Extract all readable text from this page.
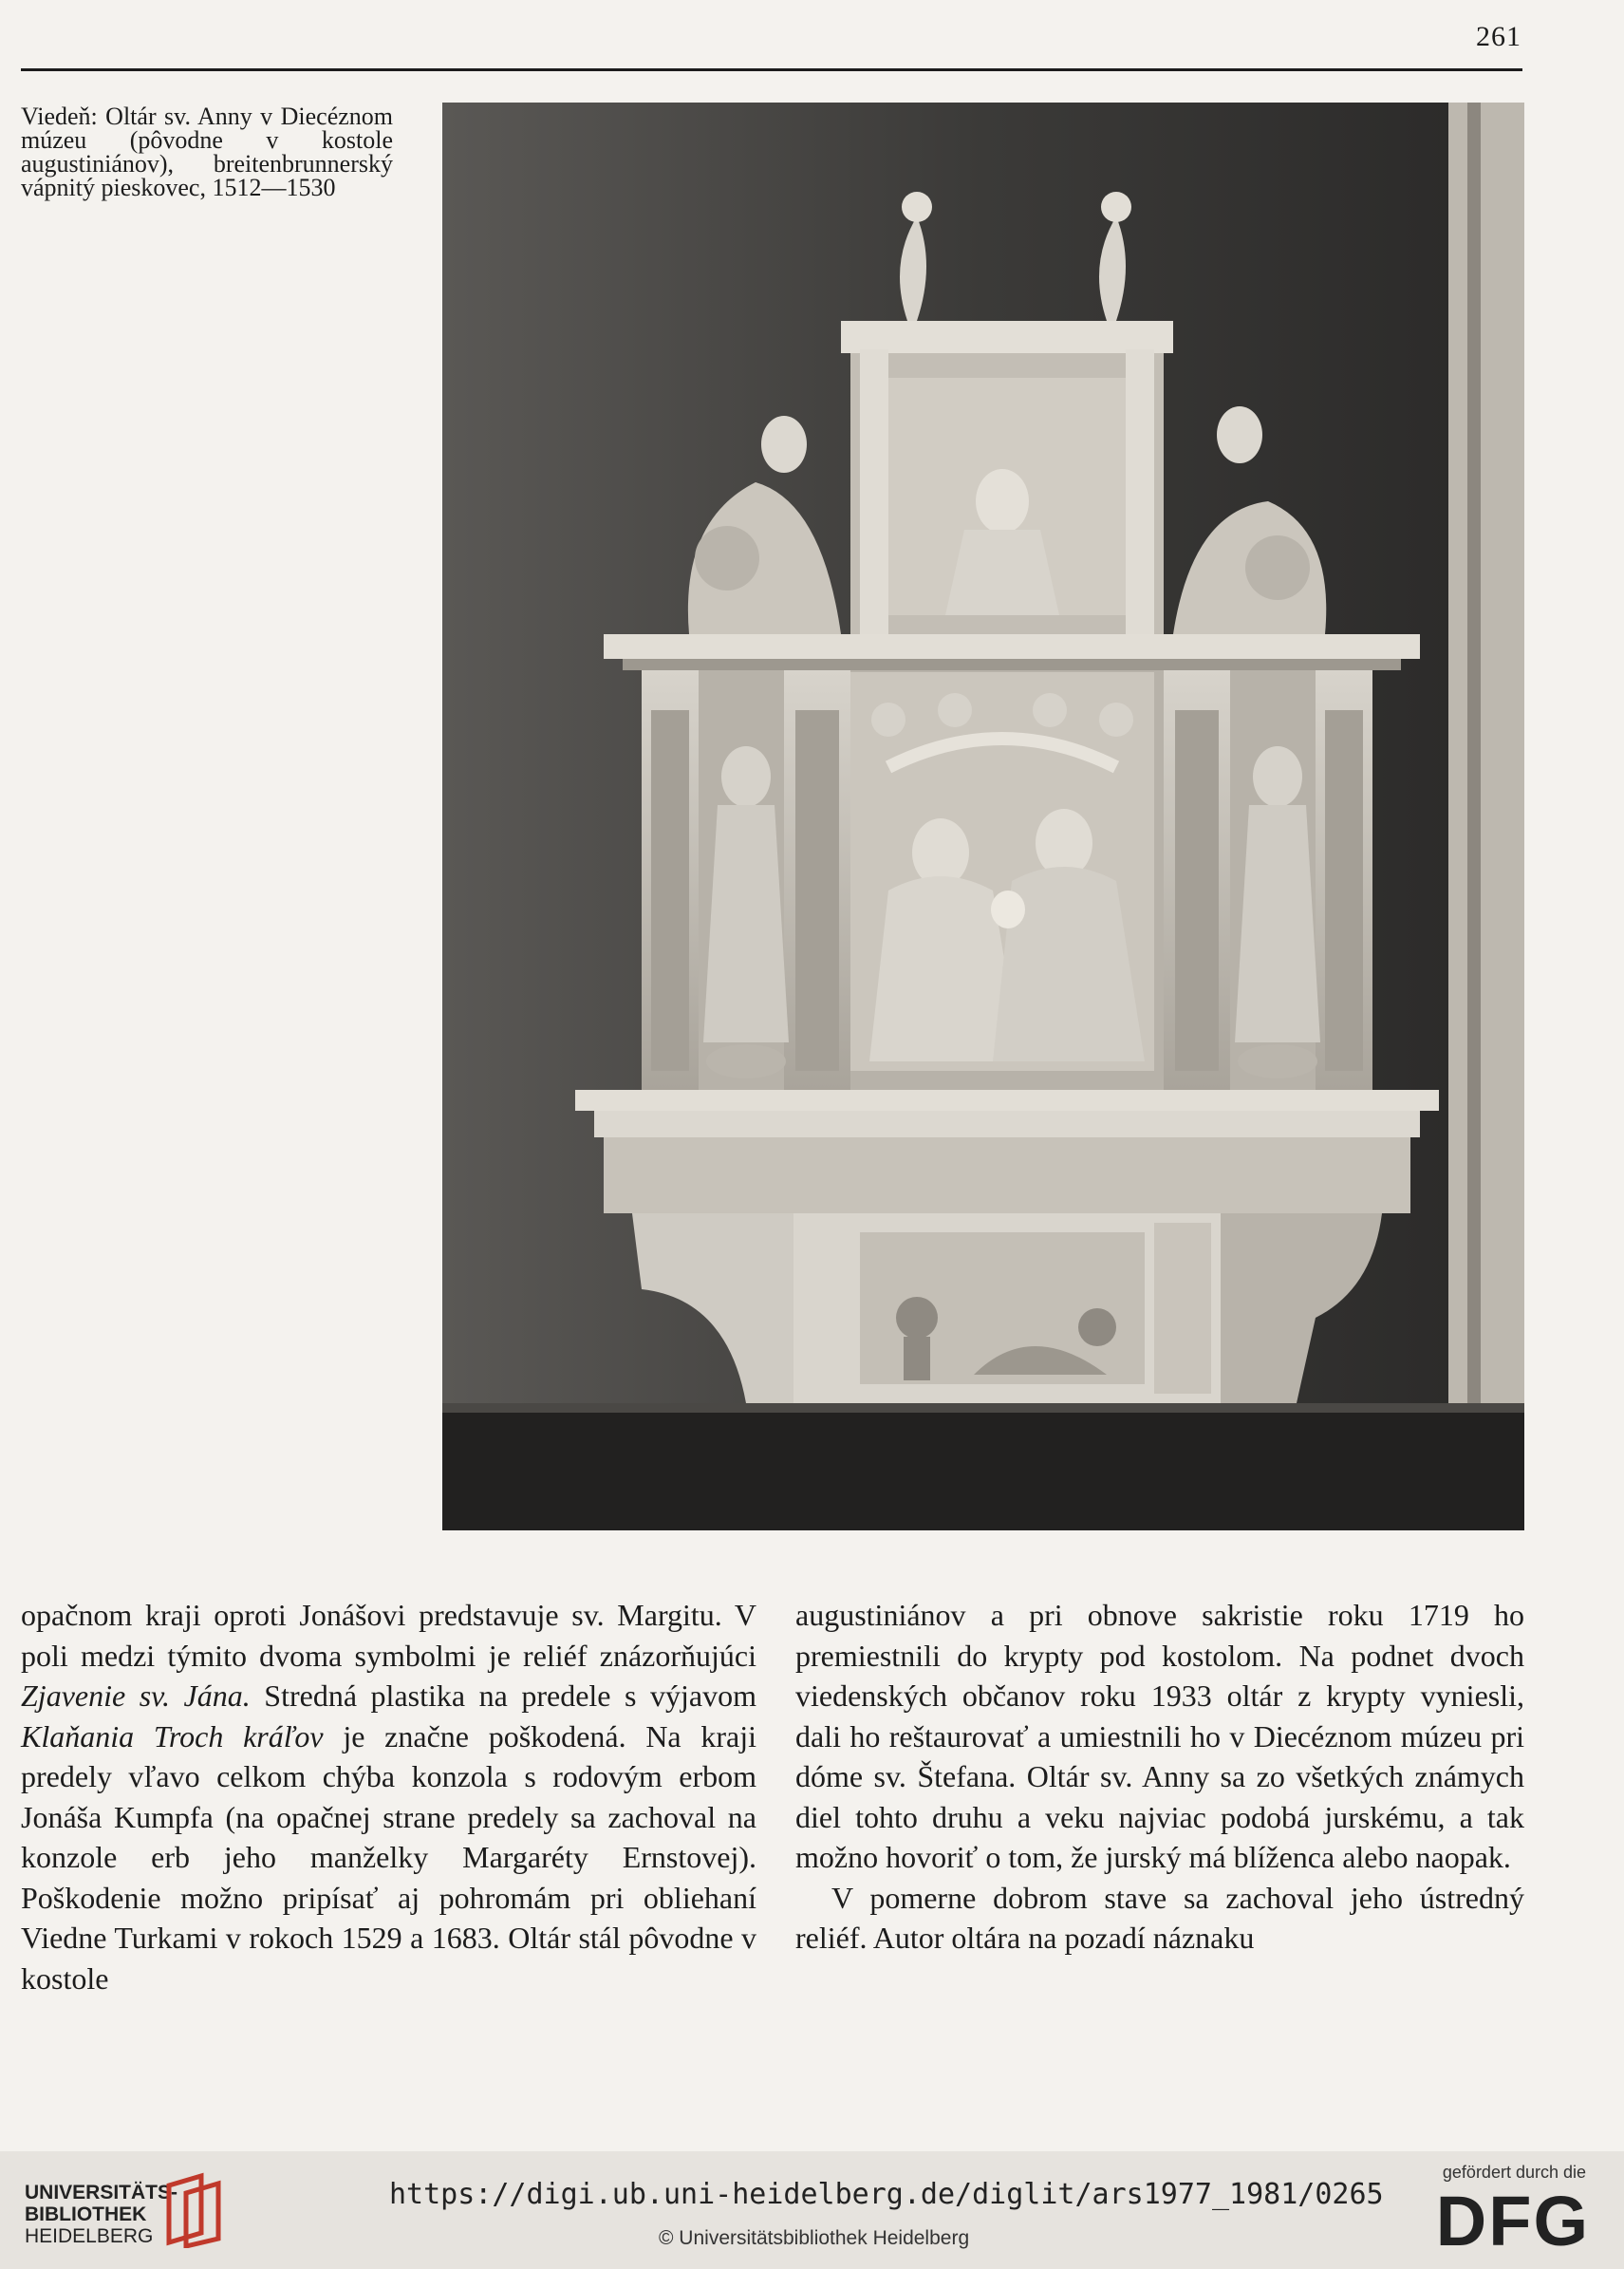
261

Viedeň: Oltár sv. Anny v Diecéznom múzeu (pôvodne v kostole augustiniánov), breitenbrunnerský vápnitý pieskovec, 1512—1530

opačnom kraji oproti Jonášovi predstavuje sv. Margitu. V poli medzi týmito dvoma symbolmi je reliéf znázorňujúci Zjavenie sv. Jána. Stredná plastika na predele s výjavom Klaňania Troch kráľov je značne poškodená. Na kraji predely vľavo celkom chýba konzola s rodovým erbom Jonáša Kumpfa (na opačnej strane predely sa zachoval na konzole erb jeho manželky Margaréty Ernstovej). Poškodenie možno pripísať aj pohromám pri obliehaní Viedne Turkami v rokoch 1529 a 1683. Oltár stál pôvodne v kostole

augustiniánov a pri obnove sakristie roku 1719 ho premiestnili do krypty pod kostolom. Na podnet dvoch viedenských občanov roku 1933 oltár z krypty vyniesli, dali ho reštaurovať a umiestnili ho v Diecéznom múzeu pri dóme sv. Štefana. Oltár sv. Anny sa zo všetkých známych diel tohto druhu a veku najviac podobá jurskému, a tak možno hovoriť o tom, že jurský má blíženca alebo naopak.

V pomerne dobrom stave sa zachoval jeho ústredný reliéf. Autor oltára na pozadí náznaku

UNIVERSITÄTS-
BIBLIOTHEK
HEIDELBERG
https://digi.ub.uni-heidelberg.de/diglit/ars1977_1981/0265
© Universitätsbibliothek Heidelberg
gefördert durch die
DFG
